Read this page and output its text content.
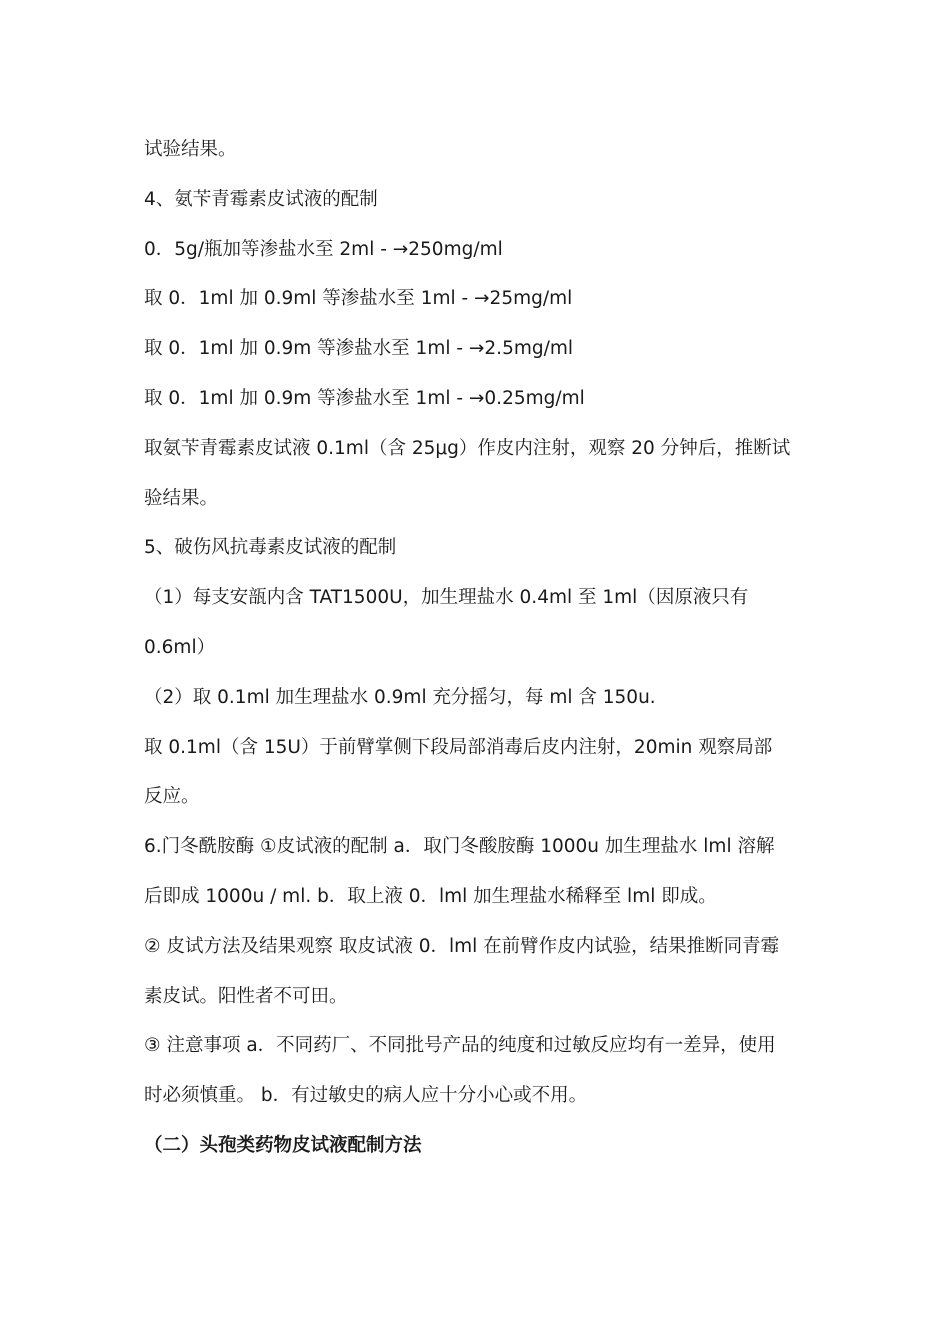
试验结果。
4、氨苄青霉素皮试液的配制
0．5g/瓶加等渗盐水至 2ml - →250mg/ml
取 0．1ml 加 0.9ml 等渗盐水至 1ml - →25mg/ml
取 0．1ml 加 0.9m 等渗盐水至 1ml - →2.5mg/ml
取 0．1ml 加 0.9m 等渗盐水至 1ml - →0.25mg/ml
取氨苄青霉素皮试液 0.1ml（含 25μg）作皮内注射，观察 20 分钟后，推断试
验结果。
5、破伤风抗毒素皮试液的配制
（1）每支安瓿内含 TAT1500U，加生理盐水 0.4ml 至 1ml（因原液只有
0.6ml）
（2）取 0.1ml 加生理盐水 0.9ml 充分摇匀，每 ml 含 150u.
取 0.1ml（含 15U）于前臂掌侧下段局部消毒后皮内注射，20min 观察局部
反应。
6.门冬酰胺酶 ①皮试液的配制 a．取门冬酸胺酶 1000u 加生理盐水 lml 溶解
后即成 1000u / ml. b．取上液 0．lml 加生理盐水稀释至 lml 即成。
② 皮试方法及结果观察 取皮试液 0．lml 在前臂作皮内试验，结果推断同青霉
素皮试。阳性者不可田。
③ 注意事项 a．不同药厂、不同批号产品的纯度和过敏反应均有一差异，使用
时必须慎重。 b．有过敏史的病人应十分小心或不用。
（二）头孢类药物皮试液配制方法
